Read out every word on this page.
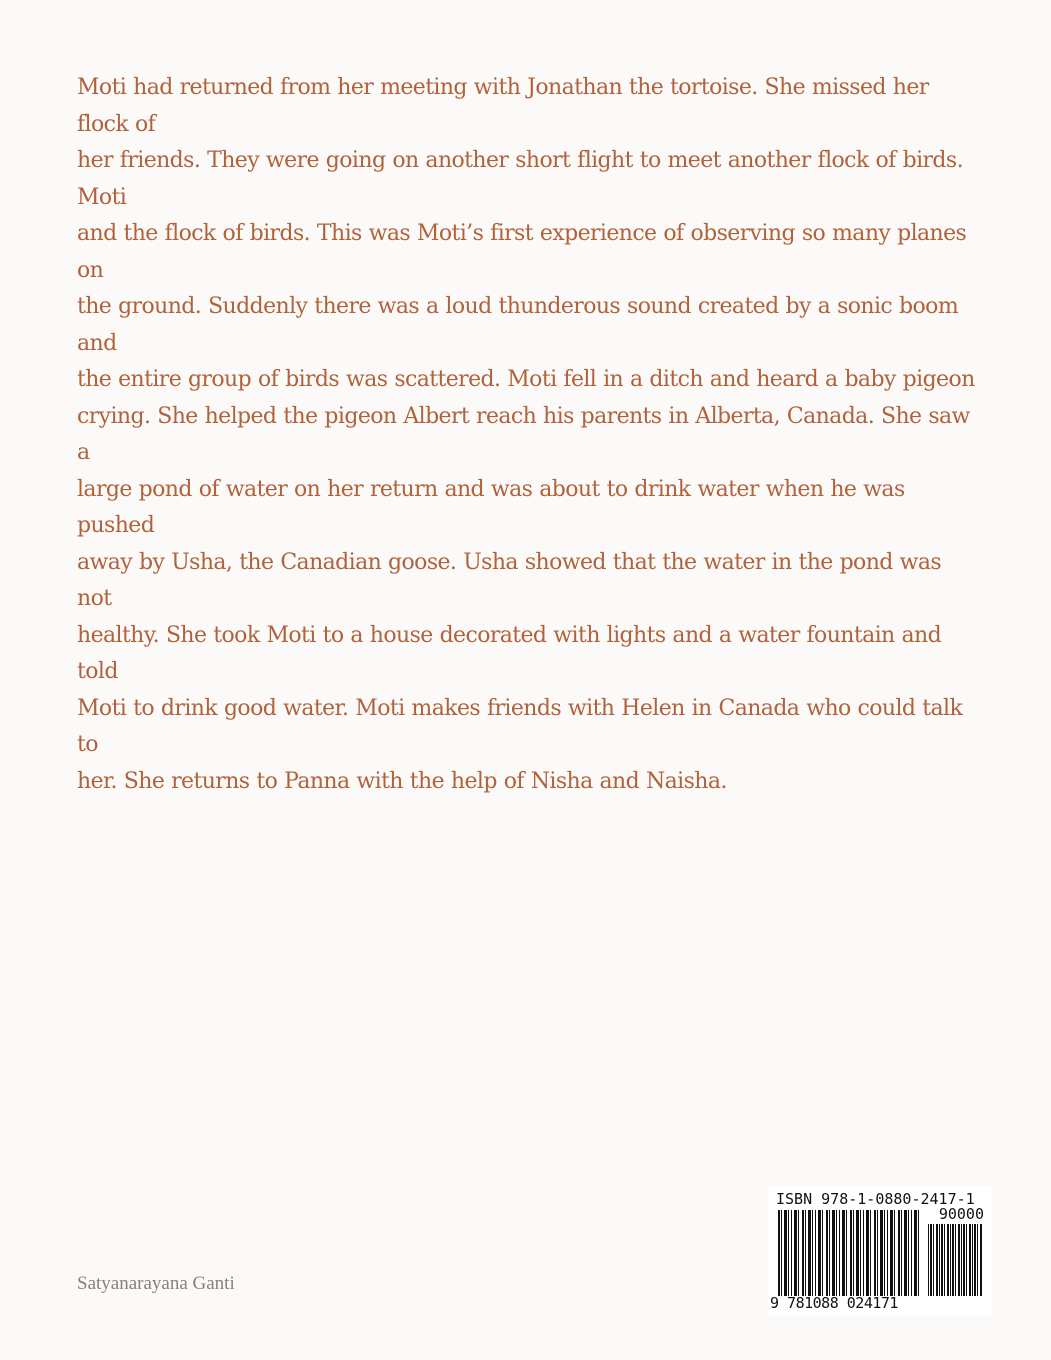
Moti had returned from her meeting with Jonathan the tortoise. She missed her flock of
her friends. They were going on another short flight to meet another flock of birds. Moti
and the flock of birds. This was Moti’s first experience of observing so many planes on
the ground. Suddenly there was a loud thunderous sound created by a sonic boom and
the entire group of birds was scattered. Moti fell in a ditch and heard a baby pigeon
crying. She helped the pigeon Albert reach his parents in Alberta, Canada. She saw a
large pond of water on her return and was about to drink water when he was pushed
away by Usha, the Canadian goose. Usha showed that the water in the pond was not
healthy. She took Moti to a house decorated with lights and a water fountain and told
Moti to drink good water. Moti makes friends with Helen in Canada who could talk to
her. She returns to Panna with the help of Nisha and Naisha.

Satyanarayana Ganti

ISBN 978-1-0880-2417-1

90000

9 781088 024171
